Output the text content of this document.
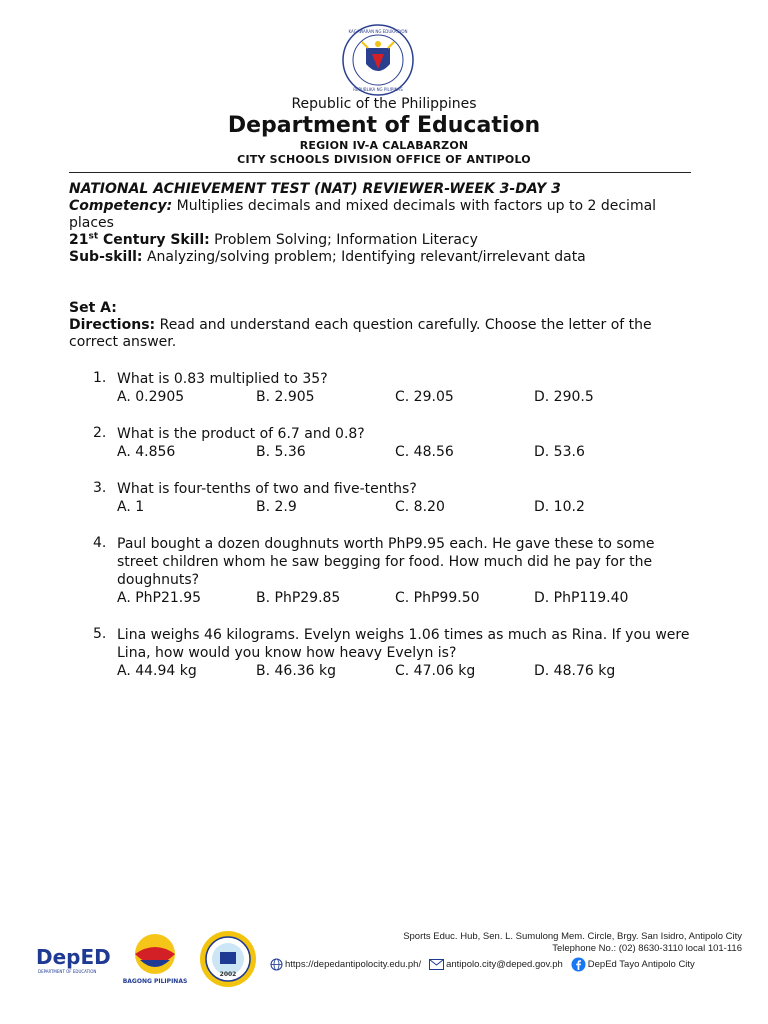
KAGAWARAN NG EDUKASYON
REPUBLIKA NG PILIPINAS
Republic of the Philippines
Department of Education
REGION IV-A CALABARZON
CITY SCHOOLS DIVISION OFFICE OF ANTIPOLO

NATIONAL ACHIEVEMENT TEST (NAT) REVIEWER-WEEK 3-DAY 3

Competency: Multiplies decimals and mixed decimals with factors up to 2 decimal places

21st Century Skill: Problem Solving; Information Literacy

Sub-skill: Analyzing/solving problem; Identifying relevant/irrelevant data

Set A:

Directions: Read and understand each question carefully. Choose the letter of the correct answer.

1. What is 0.83 multiplied to 35?
A. 0.2905	B. 2.905	C. 29.05	D. 290.5
2. What is the product of 6.7 and 0.8?
A. 4.856	B. 5.36	C. 48.56	D. 53.6
3. What is four-tenths of two and five-tenths?
A. 1	B. 2.9	C. 8.20	D. 10.2
4. Paul bought a dozen doughnuts worth PhP9.95 each. He gave these to some street children whom he saw begging for food. How much did he pay for the doughnuts?
A. PhP21.95	B. PhP29.85	C. PhP99.50	D. PhP119.40
5. Lina weighs 46 kilograms. Evelyn weighs 1.06 times as much as Rina. If you were Lina, how would you know how heavy Evelyn is?
A. 44.94 kg	B. 46.36 kg	C. 47.06 kg	D. 48.76 kg
DepED
DEPARTMENT OF EDUCATION
BAGONG PILIPINAS
2002
Sports Educ. Hub, Sen. L. Sumulong Mem. Circle, Brgy. San Isidro, Antipolo City
Telephone No.: (02) 8630-3110 local 101-116
https://depedantipolocity.edu.ph/	antipolo.city@deped.gov.ph	DepEd Tayo Antipolo City
